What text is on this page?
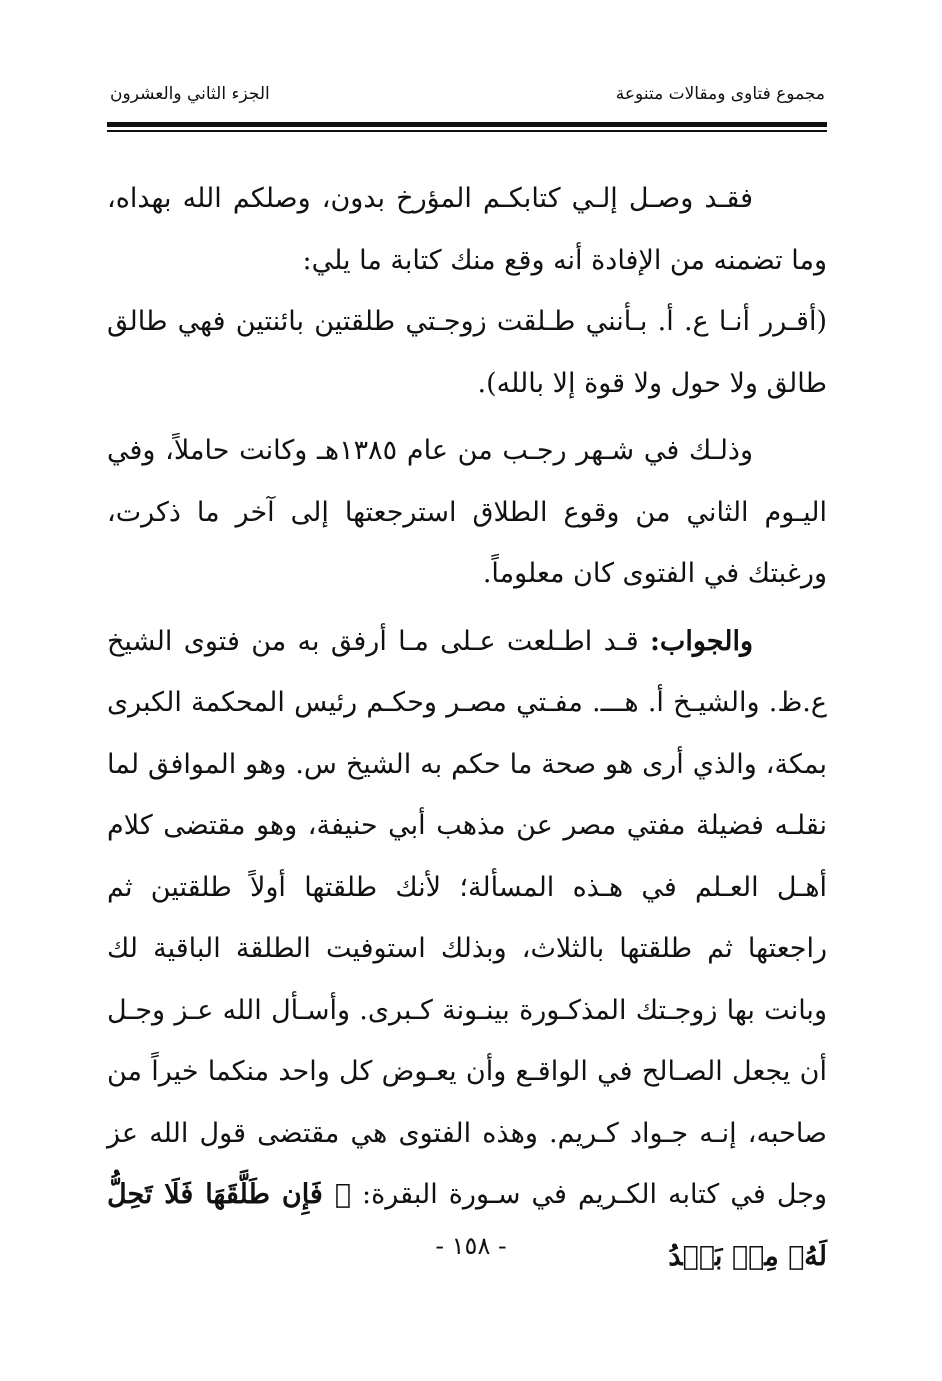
مجموع فتاوى ومقالات متنوعة
الجزء الثاني والعشرون

فقـد وصـل إلـي كتابكـم المؤرخ بدون، وصلكم الله بهداه، وما تضمنه من الإفادة أنه وقع منك كتابة ما يلي:

(أقـرر أنـا ع. أ. بـأنني طـلقت زوجـتي طلقتين بائنتين فهي طالق طالق ولا حول ولا قوة إلا بالله).

وذلـك في شـهر رجـب من عام ١٣٨٥هـ وكانت حاملاً، وفي اليـوم الثاني من وقوع الطلاق استرجعتها إلى آخر ما ذكرت، ورغبتك في الفتوى كان معلوماً.

والجواب: قـد اطـلعت عـلى مـا أرفق به من فتوى الشيخ ع.ظ. والشيـخ أ. هـــ. مفـتي مصـر وحكـم رئيس المحكمة الكبرى بمكة، والذي أرى هو صحة ما حكم به الشيخ س. وهو الموافق لما نقلـه فضيلة مفتي مصر عن مذهب أبي حنيفة، وهو مقتضى كلام أهـل العـلم في هـذه المسألة؛ لأنك طلقتها أولاً طلقتين ثم راجعتها ثم طلقتها بالثلاث، وبذلك استوفيت الطلقة الباقية لك وبانت بها زوجـتك المذكـورة بينـونة كـبرى. وأسـأل الله عـز وجـل أن يجعل الصـالح في الواقـع وأن يعـوض كل واحد منكما خيراً من صاحبه، إنـه جـواد كـريم. وهذه الفتوى هي مقتضى قول الله عز وجل في كتابه الكـريم في سـورة البقرة: ﴿ فَإِن طَلَّقَهَا فَلَا تَحِلُّ لَهُۥ مِنۢ بَعۡدُ

- ١٥٨ -
